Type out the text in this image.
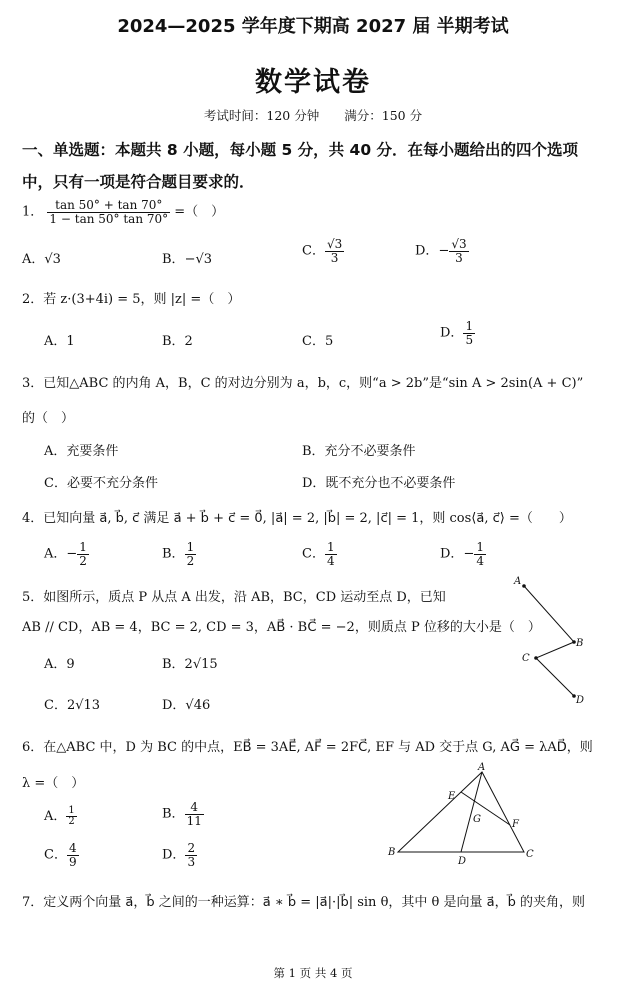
2024—2025 学年度下期高 2027 届 半期考试
数学试卷
考试时间：120 分钟　　满分：150 分
一、单选题：本题共 8 小题，每小题 5 分，共 40 分．在每小题给出的四个选项
中，只有一项是符合题目要求的．
1． $\frac{\tan 50^\circ + \tan 70^\circ}{1 - \tan 50^\circ \tan 70^\circ}$ =（　）
A．√3	B．−√3
C． $\frac{√3}{3}$	D．− $\frac{√3}{3}$
2．若 z·(3+4i) = 5，则 |z| =（　）
A．1	B．2	C．5
D． $\frac{1}{5}$
3．已知△ABC 的内角 A，B，C 的对边分别为 a，b，c，则“a > 2b”是“sin A > 2sin(A + C)”
的（　）
A．充要条件	B．充分不必要条件
C．必要不充分条件	D．既不充分也不必要条件
4．已知向量 a⃗, b⃗, c⃗ 满足 a⃗ + b⃗ + c⃗ = 0⃗, |a⃗| = 2, |b⃗| = 2, |c⃗| = 1，则 cos⟨a⃗, c⃗⟩ =（　　）
A．− $\frac{1}{2}$	B． $\frac{1}{2}$	C． $\frac{1}{4}$	D．− $\frac{1}{4}$
5．如图所示，质点 P 从点 A 出发，沿 AB，BC，CD 运动至点 D，已知
AB // CD，AB = 4，BC = 2, CD = 3，AB⃗ · BC⃗ = −2，则质点 P 位移的大小是（　）
A．9	B．2√15
C．2√13	D．√46
A
B
C
D
6．在△ABC 中，D 为 BC 的中点，EB⃗ = 3AE⃗, AF⃗ = 2FC⃗, EF 与 AD 交于点 G, AG⃗ = λAD⃗，则
λ =（　）
A． $\frac{1}{2}$	B． $\frac{4}{11}$
C． $\frac{4}{9}$	D． $\frac{2}{3}$
A
B	C
D
E
F
G
7．定义两个向量 a⃗，b⃗ 之间的一种运算：a⃗ ∗ b⃗ = |a⃗|·|b⃗| sin θ，其中 θ 是向量 a⃗，b⃗ 的夹角，则
第 1 页 共 4 页
